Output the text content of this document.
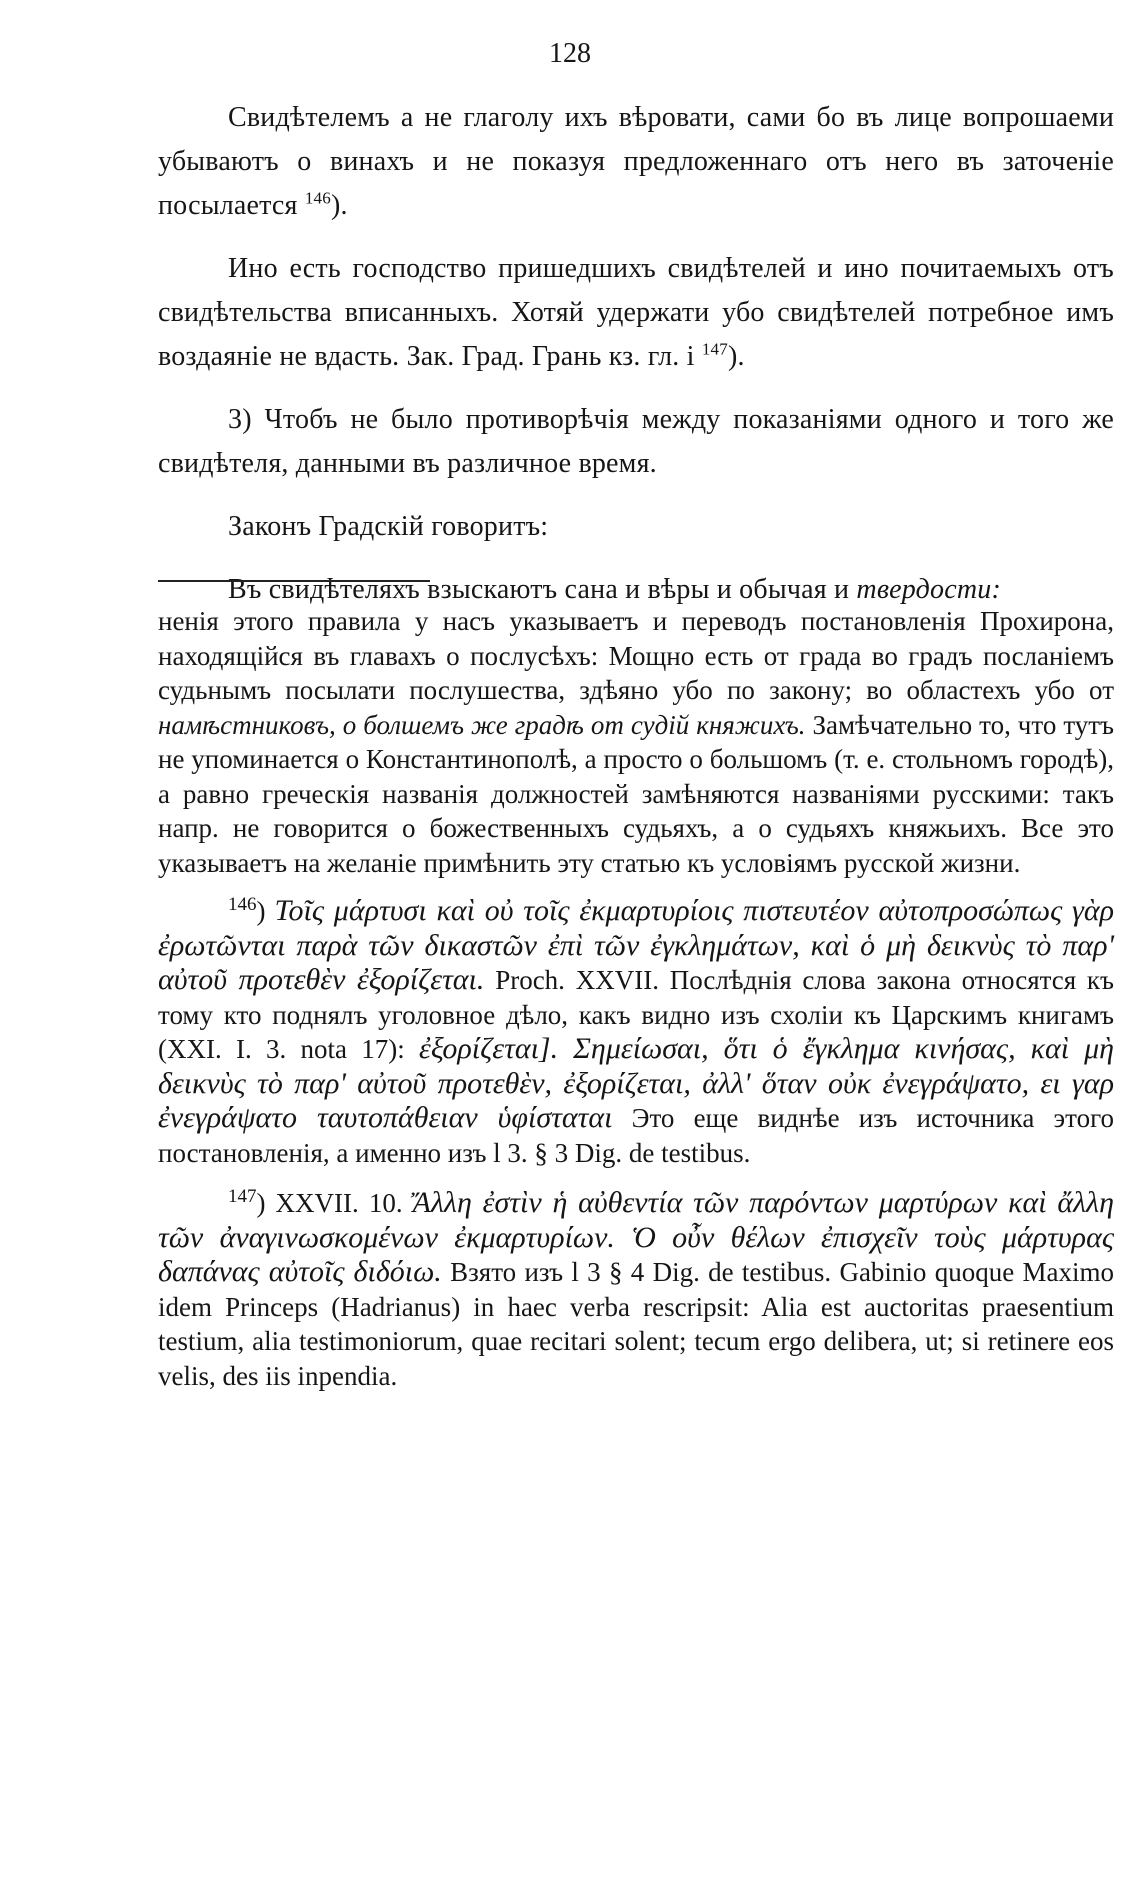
128

Свидѣтелемъ а не глаголу ихъ вѣровати, сами бо въ лице вопрошаеми убываютъ о винахъ и не показуя предложеннаго отъ него въ заточеніе посылается $^{146}$).

Ино есть господство пришедшихъ свидѣтелей и ино почитаемыхъ отъ свидѣтельства вписанныхъ. Хотяй удержати убо свидѣтелей потребное имъ воздаяніе не вдасть. Зак. Град. Грань кз. гл. і $^{147}$).

3) Чтобъ не было противорѣчія между показаніями одного и того же свидѣтеля, данными въ различное время.

Законъ Градскій говоритъ:

Въ свидѣтеляхъ взыскаютъ сана и вѣры и обычая и твердости:

ненія этого правила у насъ указываетъ и переводъ постановленія Прохирона, находящійся въ главахъ о послусѣхъ: Мощно есть от града во градъ посланіемъ судьнымъ посылати послушества, здѣяно убо по закону; во областехъ убо от намѣстниковъ, о болшемъ же градѣ от судій княжихъ. Замѣчательно то, что тутъ не упоминается о Константинополѣ, а просто о большомъ (т. е. стольномъ городѣ), а равно греческія названія должностей замѣняются названіями русскими: такъ напр. не говорится о божественныхъ судьяхъ, а о судьяхъ княжьихъ. Все это указываетъ на желаніе примѣнить эту статью къ условіямъ русской жизни.

$^{146}$) Τοῖς μάρτυσι καὶ οὐ τοῖς ἐκμαρτυρίοις πιστευτέον αὐτοπροσώπως γὰρ ἐρωτῶνται παρὰ τῶν δικαστῶν ἐπὶ τῶν ἐγκλημάτων, καὶ ὁ μὴ δεικνὺς τὸ παρ' αὐτοῦ προτεθὲν ἐξορίζεται. Proch. XXVII. Послѣднія слова закона относятся къ тому кто поднялъ уголовное дѣло, какъ видно изъ схоліи къ Царскимъ книгамъ (XXI. I. 3. nota 17): ἐξορίζεται]. Σημείωσαι, ὅτι ὁ ἔγκλημα κινήσας, καὶ μὴ δεικνὺς τὸ παρ' αὐτοῦ προτεθὲν, ἐξορίζεται, ἀλλ' ὅταν οὐκ ἐνεγράψατο, ει γαρ ἐνεγράψατο ταυτοπάθειαν ὑφίσταται Это еще виднѣе изъ источника этого постановленія, а именно изъ l 3. § 3 Dig. de testibus.

$^{147}$) XXVII. 10. Ἄλλη ἐστὶν ἡ αὐθεντία τῶν παρόντων μαρτύρων καὶ ἄλλη τῶν ἀναγινωσκομένων ἐκμαρτυρίων. Ὁ οὖν θέλων ἐπισχεῖν τοὺς μάρτυρας δαπάνας αὐτοῖς διδόιω. Взято изъ l 3 § 4 Dig. de testibus. Gabinio quoque Maximo idem Princeps (Hadrianus) in haec verba rescripsit: Alia est auctoritas praesentium testium, alia testimoniorum, quae recitari solent; tecum ergo delibera, ut; si retinere eos velis, des iis inpendia.
